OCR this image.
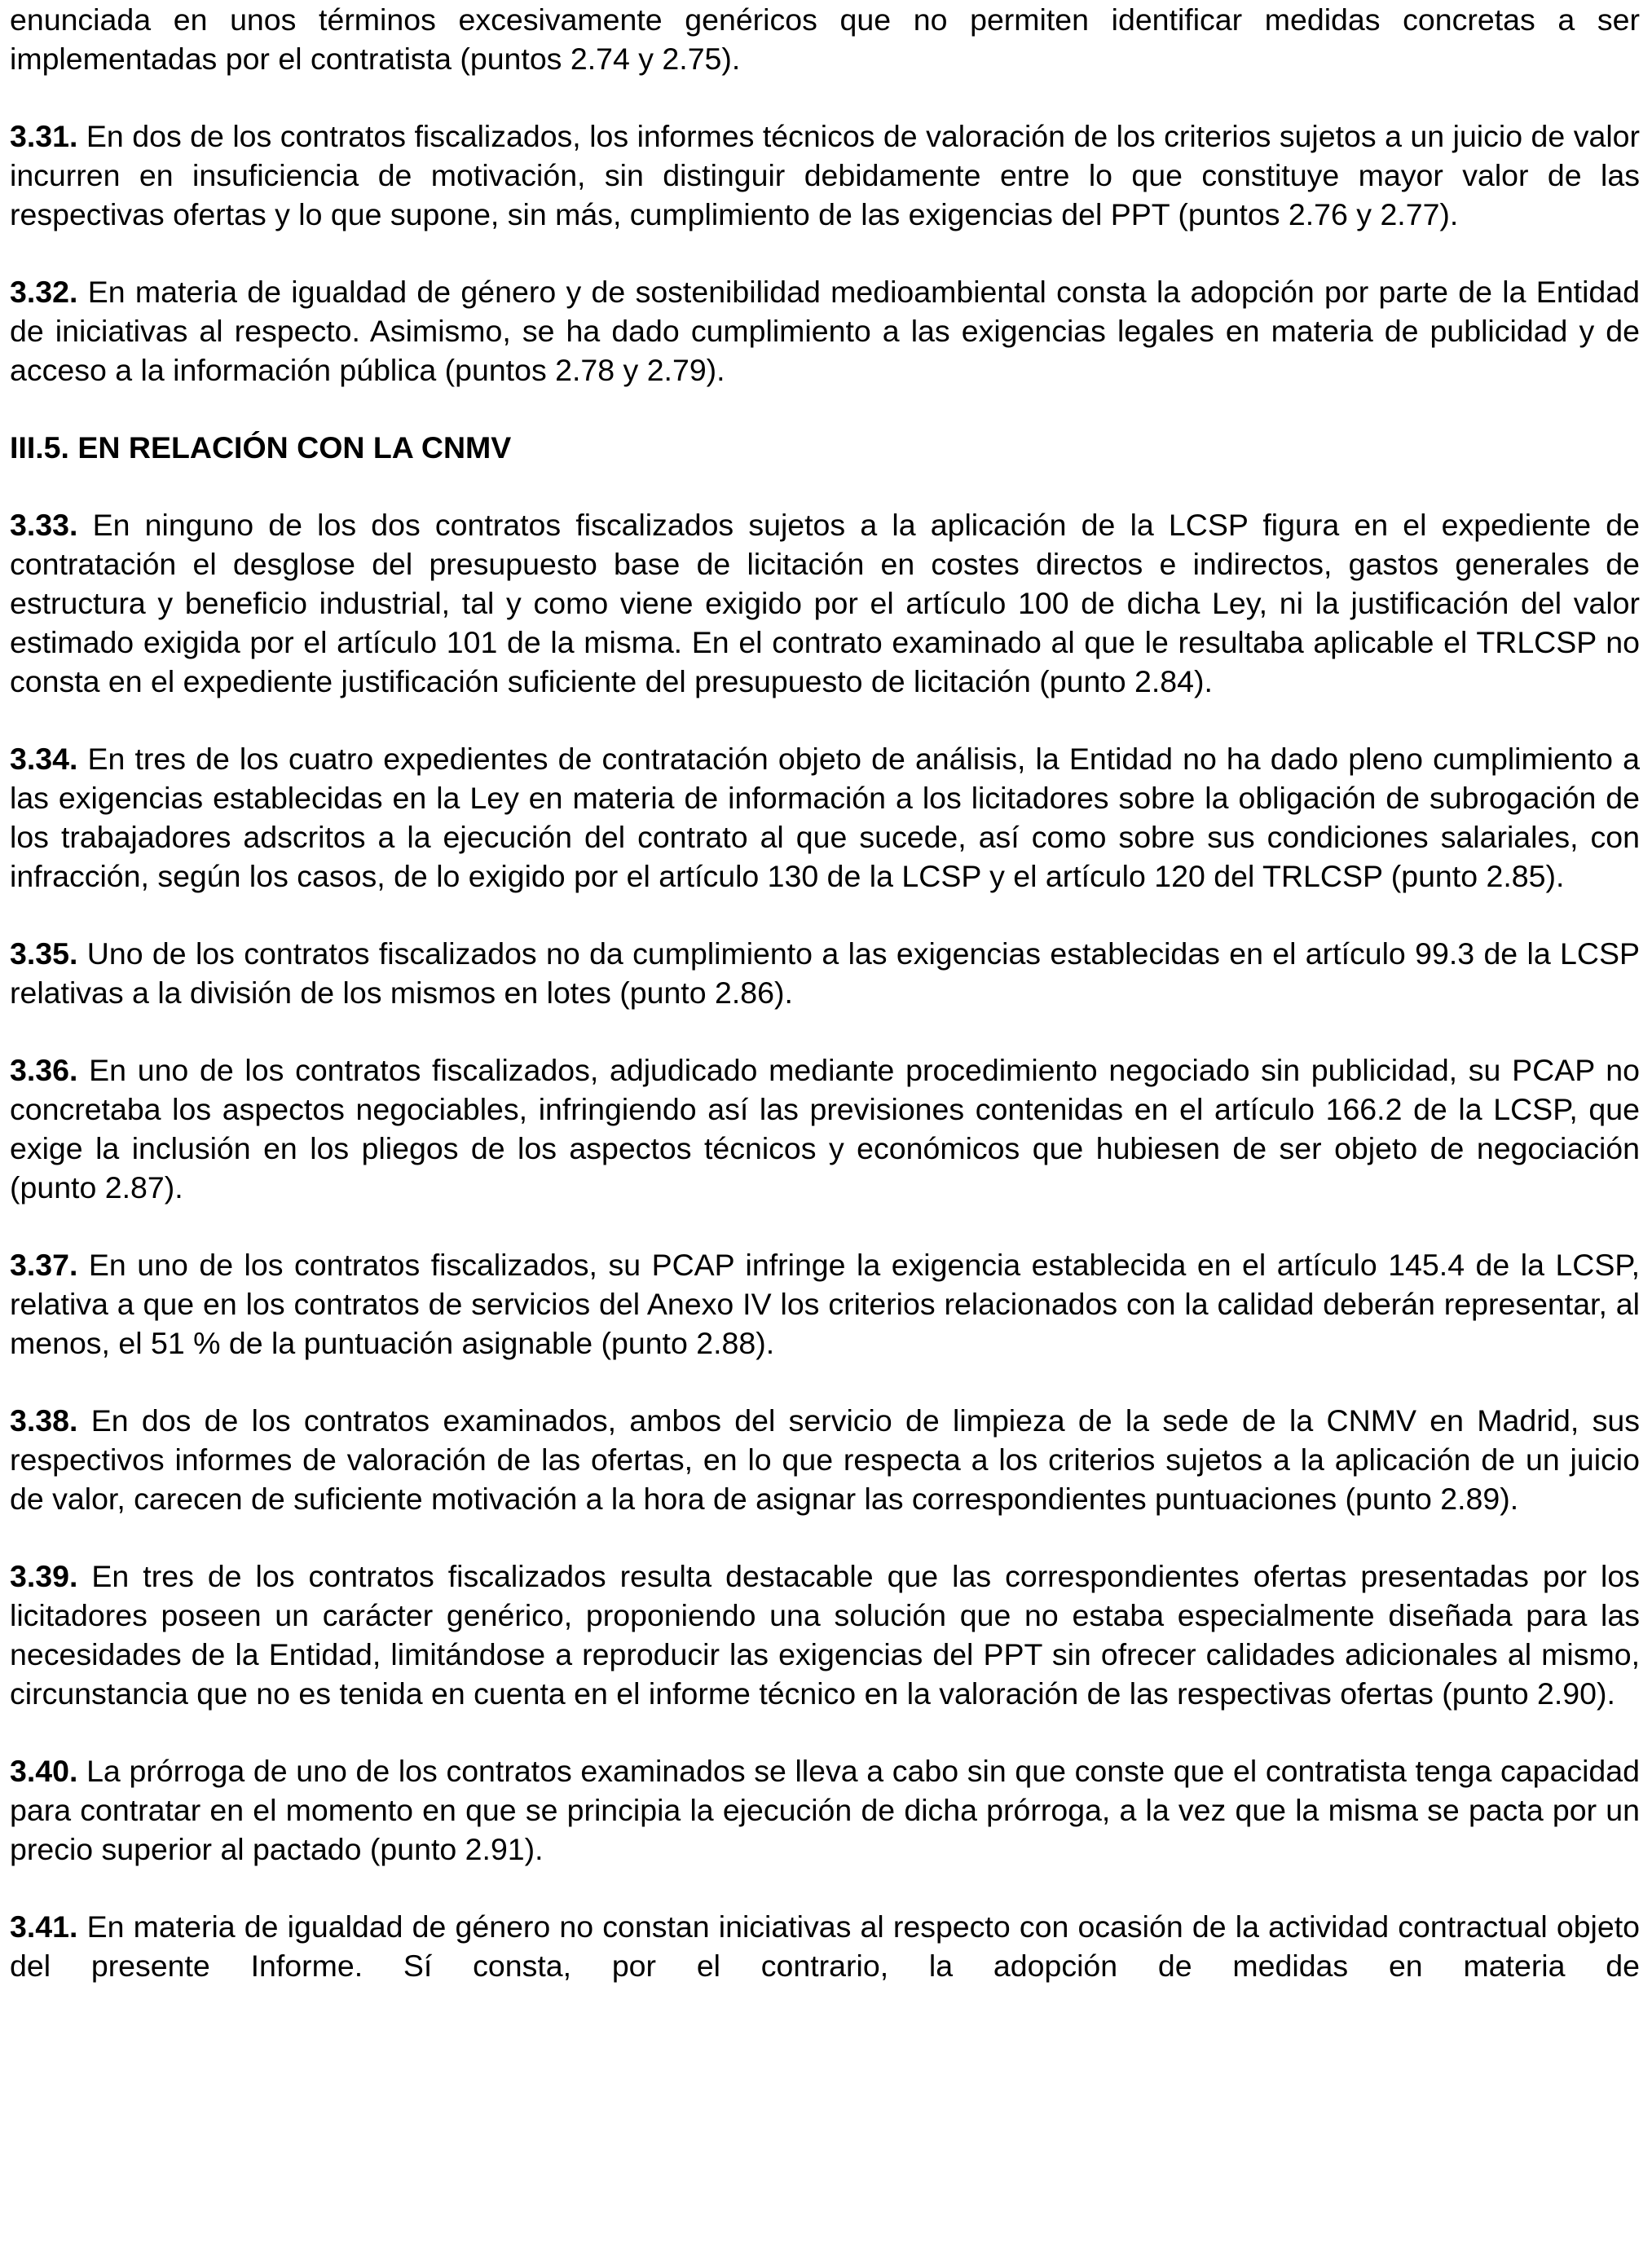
enunciada en unos términos excesivamente genéricos que no permiten identificar medidas concretas a ser implementadas por el contratista (puntos 2.74 y 2.75).

3.31. En dos de los contratos fiscalizados, los informes técnicos de valoración de los criterios sujetos a un juicio de valor incurren en insuficiencia de motivación, sin distinguir debidamente entre lo que constituye mayor valor de las respectivas ofertas y lo que supone, sin más, cumplimiento de las exigencias del PPT (puntos 2.76 y 2.77).

3.32. En materia de igualdad de género y de sostenibilidad medioambiental consta la adopción por parte de la Entidad de iniciativas al respecto. Asimismo, se ha dado cumplimiento a las exigencias legales en materia de publicidad y de acceso a la información pública (puntos 2.78 y 2.79).

III.5. EN RELACIÓN CON LA CNMV

3.33. En ninguno de los dos contratos fiscalizados sujetos a la aplicación de la LCSP figura en el expediente de contratación el desglose del presupuesto base de licitación en costes directos e indirectos, gastos generales de estructura y beneficio industrial, tal y como viene exigido por el artículo 100 de dicha Ley, ni la justificación del valor estimado exigida por el artículo 101 de la misma. En el contrato examinado al que le resultaba aplicable el TRLCSP no consta en el expediente justificación suficiente del presupuesto de licitación (punto 2.84).

3.34. En tres de los cuatro expedientes de contratación objeto de análisis, la Entidad no ha dado pleno cumplimiento a las exigencias establecidas en la Ley en materia de información a los licitadores sobre la obligación de subrogación de los trabajadores adscritos a la ejecución del contrato al que sucede, así como sobre sus condiciones salariales, con infracción, según los casos, de lo exigido por el artículo 130 de la LCSP y el artículo 120 del TRLCSP (punto 2.85).

3.35. Uno de los contratos fiscalizados no da cumplimiento a las exigencias establecidas en el artículo 99.3 de la LCSP relativas a la división de los mismos en lotes (punto 2.86).

3.36. En uno de los contratos fiscalizados, adjudicado mediante procedimiento negociado sin publicidad, su PCAP no concretaba los aspectos negociables, infringiendo así las previsiones contenidas en el artículo 166.2 de la LCSP, que exige la inclusión en los pliegos de los aspectos técnicos y económicos que hubiesen de ser objeto de negociación (punto 2.87).

3.37. En uno de los contratos fiscalizados, su PCAP infringe la exigencia establecida en el artículo 145.4 de la LCSP, relativa a que en los contratos de servicios del Anexo IV los criterios relacionados con la calidad deberán representar, al menos, el 51 % de la puntuación asignable (punto 2.88).

3.38. En dos de los contratos examinados, ambos del servicio de limpieza de la sede de la CNMV en Madrid, sus respectivos informes de valoración de las ofertas, en lo que respecta a los criterios sujetos a la aplicación de un juicio de valor, carecen de suficiente motivación a la hora de asignar las correspondientes puntuaciones (punto 2.89).

3.39. En tres de los contratos fiscalizados resulta destacable que las correspondientes ofertas presentadas por los licitadores poseen un carácter genérico, proponiendo una solución que no estaba especialmente diseñada para las necesidades de la Entidad, limitándose a reproducir las exigencias del PPT sin ofrecer calidades adicionales al mismo, circunstancia que no es tenida en cuenta en el informe técnico en la valoración de las respectivas ofertas (punto 2.90).

3.40. La prórroga de uno de los contratos examinados se lleva a cabo sin que conste que el contratista tenga capacidad para contratar en el momento en que se principia la ejecución de dicha prórroga, a la vez que la misma se pacta por un precio superior al pactado (punto 2.91).

3.41. En materia de igualdad de género no constan iniciativas al respecto con ocasión de la actividad contractual objeto del presente Informe. Sí consta, por el contrario, la adopción de medidas en materia de
